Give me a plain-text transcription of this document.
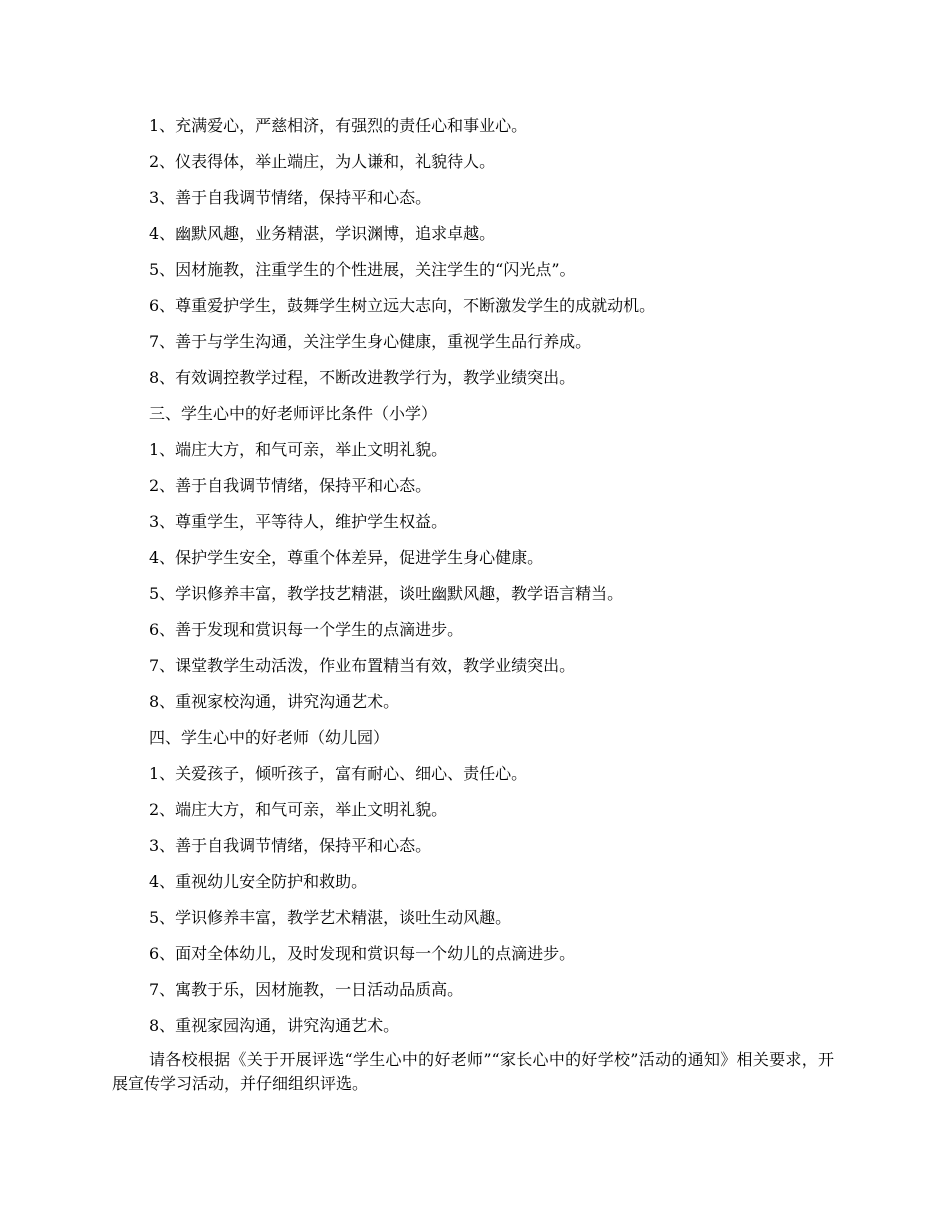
1、充满爱心，严慈相济，有强烈的责任心和事业心。
2、仪表得体，举止端庄，为人谦和，礼貌待人。
3、善于自我调节情绪，保持平和心态。
4、幽默风趣，业务精湛，学识渊博，追求卓越。
5、因材施教，注重学生的个性进展，关注学生的“闪光点”。
6、尊重爱护学生，鼓舞学生树立远大志向，不断激发学生的成就动机。
7、善于与学生沟通，关注学生身心健康，重视学生品行养成。
8、有效调控教学过程，不断改进教学行为，教学业绩突出。
三、学生心中的好老师评比条件（小学）
1、端庄大方，和气可亲，举止文明礼貌。
2、善于自我调节情绪，保持平和心态。
3、尊重学生，平等待人，维护学生权益。
4、保护学生安全，尊重个体差异，促进学生身心健康。
5、学识修养丰富，教学技艺精湛，谈吐幽默风趣，教学语言精当。
6、善于发现和赏识每一个学生的点滴进步。
7、课堂教学生动活泼，作业布置精当有效，教学业绩突出。
8、重视家校沟通，讲究沟通艺术。
四、学生心中的好老师（幼儿园）
1、关爱孩子，倾听孩子，富有耐心、细心、责任心。
2、端庄大方，和气可亲，举止文明礼貌。
3、善于自我调节情绪，保持平和心态。
4、重视幼儿安全防护和救助。
5、学识修养丰富，教学艺术精湛，谈吐生动风趣。
6、面对全体幼儿，及时发现和赏识每一个幼儿的点滴进步。
7、寓教于乐，因材施教，一日活动品质高。
8、重视家园沟通，讲究沟通艺术。

请各校根据《关于开展评选“学生心中的好老师”“家长心中的好学校”活动的通知》相关要求，开展宣传学习活动，并仔细组织评选。
